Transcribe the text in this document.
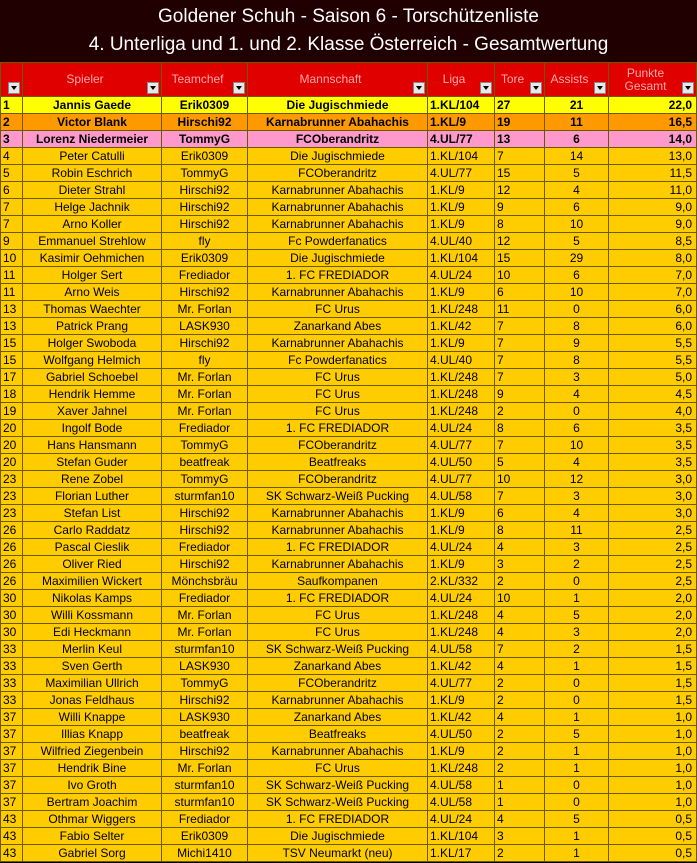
Goldener Schuh - Saison 6 - Torschützenliste
4. Unterliga und 1. und 2. Klasse Österreich - Gesamtwertung

	Spieler	Teamchef	Mannschaft	Liga	Tore	Assists	Punkte Gesamt

1	Jannis Gaede	Erik0309	Die Jugischmiede	1.KL/104	27	21	22,0
2	Victor Blank	Hirschi92	Karnabrunner Abahachis	1.KL/9	19	11	16,5
3	Lorenz Niedermeier	TommyG	FCOberandritz	4.UL/77	13	6	14,0
4	Peter Catulli	Erik0309	Die Jugischmiede	1.KL/104	7	14	13,0
5	Robin Eschrich	TommyG	FCOberandritz	4.UL/77	15	5	11,5
6	Dieter Strahl	Hirschi92	Karnabrunner Abahachis	1.KL/9	12	4	11,0
7	Helge Jachnik	Hirschi92	Karnabrunner Abahachis	1.KL/9	9	6	9,0
7	Arno Koller	Hirschi92	Karnabrunner Abahachis	1.KL/9	8	10	9,0
9	Emmanuel Strehlow	fly	Fc Powderfanatics	4.UL/40	12	5	8,5
10	Kasimir Oehmichen	Erik0309	Die Jugischmiede	1.KL/104	15	29	8,0
11	Holger Sert	Frediador	1. FC FREDIADOR	4.UL/24	10	6	7,0
11	Arno Weis	Hirschi92	Karnabrunner Abahachis	1.KL/9	6	10	7,0
13	Thomas Waechter	Mr. Forlan	FC Urus	1.KL/248	11	0	6,0
13	Patrick Prang	LASK930	Zanarkand Abes	1.KL/42	7	8	6,0
15	Holger Swoboda	Hirschi92	Karnabrunner Abahachis	1.KL/9	7	9	5,5
15	Wolfgang Helmich	fly	Fc Powderfanatics	4.UL/40	7	8	5,5
17	Gabriel Schoebel	Mr. Forlan	FC Urus	1.KL/248	7	3	5,0
18	Hendrik Hemme	Mr. Forlan	FC Urus	1.KL/248	9	4	4,5
19	Xaver Jahnel	Mr. Forlan	FC Urus	1.KL/248	2	0	4,0
20	Ingolf Bode	Frediador	1. FC FREDIADOR	4.UL/24	8	6	3,5
20	Hans Hansmann	TommyG	FCOberandritz	4.UL/77	7	10	3,5
20	Stefan Guder	beatfreak	Beatfreaks	4.UL/50	5	4	3,5
23	Rene Zobel	TommyG	FCOberandritz	4.UL/77	10	12	3,0
23	Florian Luther	sturmfan10	SK Schwarz-Weiß Pucking	4.UL/58	7	3	3,0
23	Stefan List	Hirschi92	Karnabrunner Abahachis	1.KL/9	6	4	3,0
26	Carlo Raddatz	Hirschi92	Karnabrunner Abahachis	1.KL/9	8	11	2,5
26	Pascal Cieslik	Frediador	1. FC FREDIADOR	4.UL/24	4	3	2,5
26	Oliver Ried	Hirschi92	Karnabrunner Abahachis	1.KL/9	3	2	2,5
26	Maximilien Wickert	Mönchsbräu	Saufkompanen	2.KL/332	2	0	2,5
30	Nikolas Kamps	Frediador	1. FC FREDIADOR	4.UL/24	10	1	2,0
30	Willi Kossmann	Mr. Forlan	FC Urus	1.KL/248	4	5	2,0
30	Edi Heckmann	Mr. Forlan	FC Urus	1.KL/248	4	3	2,0
33	Merlin Keul	sturmfan10	SK Schwarz-Weiß Pucking	4.UL/58	7	2	1,5
33	Sven Gerth	LASK930	Zanarkand Abes	1.KL/42	4	1	1,5
33	Maximilian Ullrich	TommyG	FCOberandritz	4.UL/77	2	0	1,5
33	Jonas Feldhaus	Hirschi92	Karnabrunner Abahachis	1.KL/9	2	0	1,5
37	Willi Knappe	LASK930	Zanarkand Abes	1.KL/42	4	1	1,0
37	Illias Knapp	beatfreak	Beatfreaks	4.UL/50	2	5	1,0
37	Wilfried Ziegenbein	Hirschi92	Karnabrunner Abahachis	1.KL/9	2	1	1,0
37	Hendrik Bine	Mr. Forlan	FC Urus	1.KL/248	2	1	1,0
37	Ivo Groth	sturmfan10	SK Schwarz-Weiß Pucking	4.UL/58	1	0	1,0
37	Bertram Joachim	sturmfan10	SK Schwarz-Weiß Pucking	4.UL/58	1	0	1,0
43	Othmar Wiggers	Frediador	1. FC FREDIADOR	4.UL/24	4	5	0,5
43	Fabio Selter	Erik0309	Die Jugischmiede	1.KL/104	3	1	0,5
43	Gabriel Sorg	Michi1410	TSV Neumarkt (neu)	1.KL/17	2	1	0,5
